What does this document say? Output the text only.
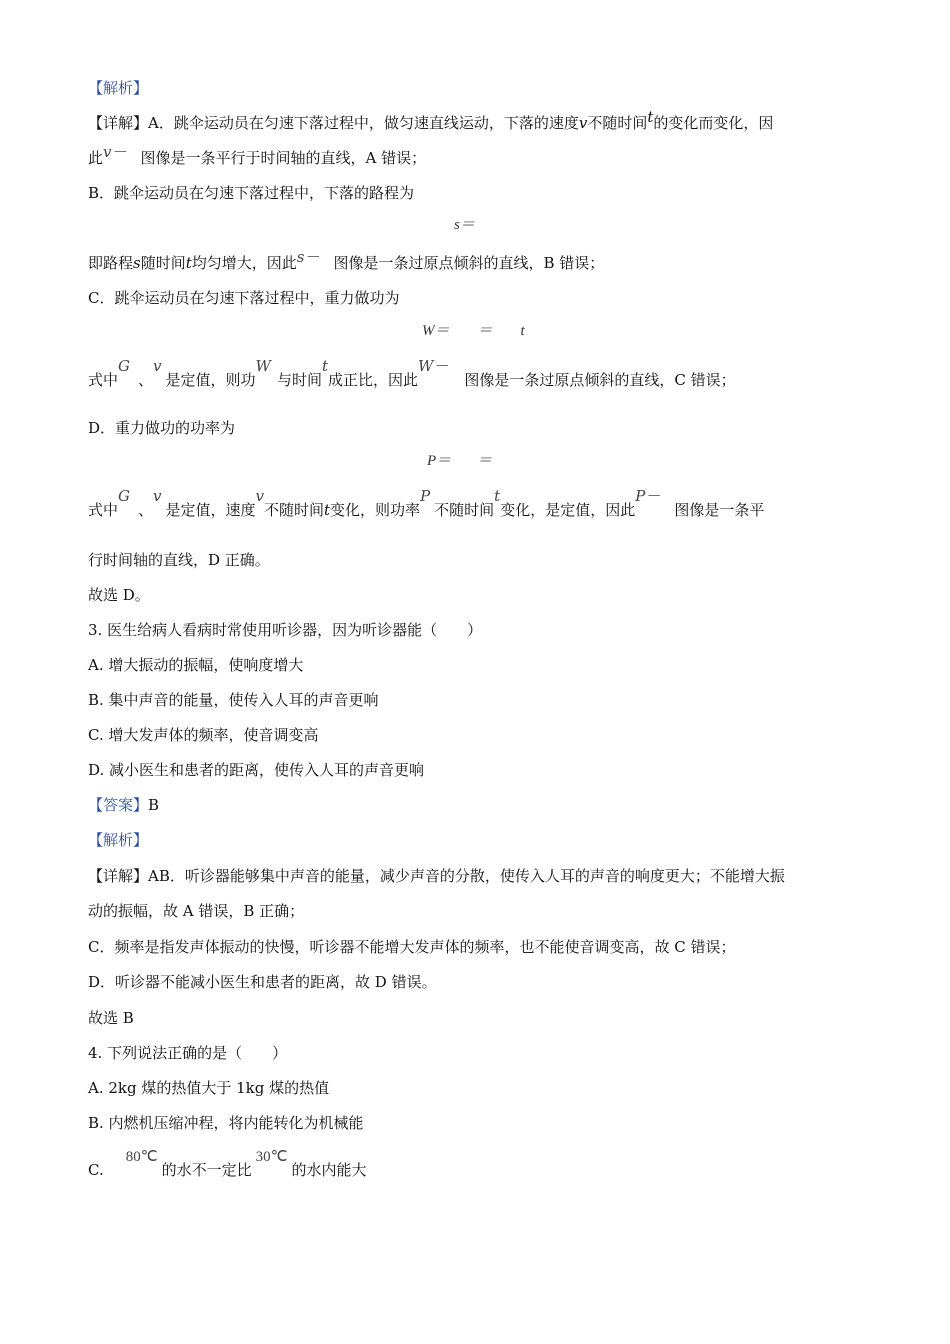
【解析】
【详解】A．跳伞运动员在匀速下落过程中，做匀速直线运动，下落的速度v不随时间t的变化而变化，因
此v－ 图像是一条平行于时间轴的直线，A 错误；
B．跳伞运动员在匀速下落过程中，下落的路程为
s＝
即路程s随时间t均匀增大，因此s－ 图像是一条过原点倾斜的直线，B 错误；
C．跳伞运动员在匀速下落过程中，重力做功为
W＝ ＝ t
式中G、v是定值，则功W与时间t成正比，因此W－图像是一条过原点倾斜的直线，C 错误；
D．重力做功的功率为
P＝ ＝
式中G、v是定值，速度v不随时间t变化，则功率P不随时间t变化，是定值，因此P－图像是一条平
行时间轴的直线，D 正确。
故选 D。
3. 医生给病人看病时常使用听诊器，因为听诊器能（　　）
A. 增大振动的振幅，使响度增大
B. 集中声音的能量，使传入人耳的声音更响
C. 增大发声体的频率，使音调变高
D. 减小医生和患者的距离，使传入人耳的声音更响
【答案】B
【解析】
【详解】AB．听诊器能够集中声音的能量，减少声音的分散，使传入人耳的声音的响度更大；不能增大振
动的振幅，故 A 错误，B 正确；
C．频率是指发声体振动的快慢，听诊器不能增大发声体的频率，也不能使音调变高，故 C 错误；
D．听诊器不能减小医生和患者的距离，故 D 错误。
故选 B
4. 下列说法正确的是（　　）
A. 2kg 煤的热值大于 1kg 煤的热值
B. 内燃机压缩冲程，将内能转化为机械能
C.80℃的水不一定比30℃的水内能大
